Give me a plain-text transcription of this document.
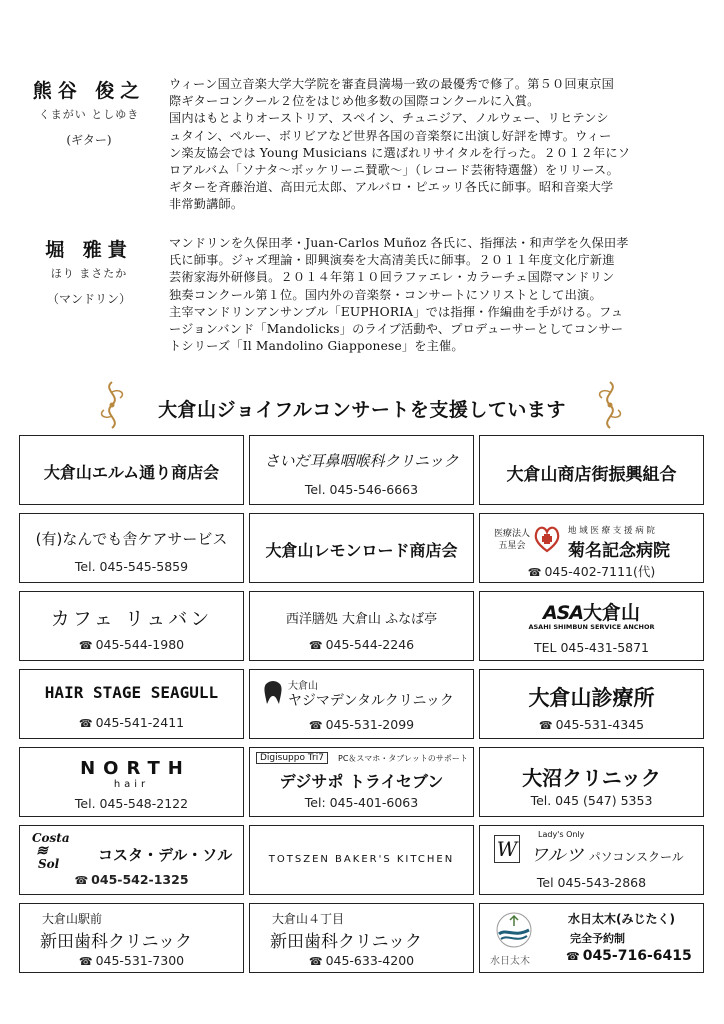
熊谷 俊之
くまがい としゆき
(ギター)

ウィーン国立音楽大学大学院を審査員満場一致の最優秀で修了。第５０回東京国

際ギターコンクール２位をはじめ他多数の国際コンクールに入賞。

国内はもとよりオーストリア、スペイン、チュニジア、ノルウェー、リヒテンシ

ュタイン、ペルー、ボリビアなど世界各国の音楽祭に出演し好評を博す。ウィー

ン楽友協会では Young Musicians に選ばれリサイタルを行った。２０１２年にソ

ロアルバム「ソナタ～ボッケリーニ賛歌～」（レコード芸術特選盤）をリリース。

ギターを斉藤治道、高田元太郎、アルバロ・ピエッリ各氏に師事。昭和音楽大学

非常勤講師。

堀 雅貴
ほり まさたか
（マンドリン）

マンドリンを久保田孝・Juan-Carlos Muñoz 各氏に、指揮法・和声学を久保田孝

氏に師事。ジャズ理論・即興演奏を大高清美氏に師事。２０１１年度文化庁新進

芸術家海外研修員。２０１４年第１０回ラファエレ・カラーチェ国際マンドリン

独奏コンクール第１位。国内外の音楽祭・コンサートにソリストとして出演。

主宰マンドリンアンサンブル「EUPHORIA」では指揮・作編曲を手がける。フュ

ージョンバンド「Mandolicks」のライブ活動や、プロデューサーとしてコンサー

トシリーズ「Il Mandolino Giapponese」を主催。

大倉山ジョイフルコンサートを支援しています
大倉山エルム通り商店会
さいだ耳鼻咽喉科クリニック
Tel. 045-546-6663
大倉山商店街振興組合
(有)なんでも舎ケアサービス
Tel. 045-545-5859
大倉山レモンロード商店会
医療法人
五星会
地 域 医 療 支 援 病 院
菊名記念病院
☎ 045-402-7111(代)
カフェ リュバン
☎ 045-544-1980
西洋膳処 大倉山 ふなば亭
☎ 045-544-2246
ASA大倉山
ASAHI SHIMBUN SERVICE ANCHOR
TEL 045-431-5871
HAIR STAGE SEAGULL
☎ 045-541-2411
大倉山
ヤジマデンタルクリニック
☎ 045-531-2099
大倉山診療所
☎ 045-531-4345
NORTH
hair
Tel. 045-548-2122
Digisuppo Tri7	PC＆スマホ・タブレットのサポート
デジサポ トライセブン
Tel: 045-401-6063
大沼クリニック
Tel. 045 (547) 5353
Costa
≋
Sol	コスタ・デル・ソル
☎ 045-542-1325
TOTSZEN BAKER'S KITCHEN	W
Lady's Only
ワルツ パソコンスクール
Tel 045-543-2868
大倉山駅前
新田歯科クリニック
☎ 045-531-7300
大倉山４丁目
新田歯科クリニック
☎ 045-633-4200	水日太木
水日太木(みじたく)
完全予約制
☎ 045-716-6415
